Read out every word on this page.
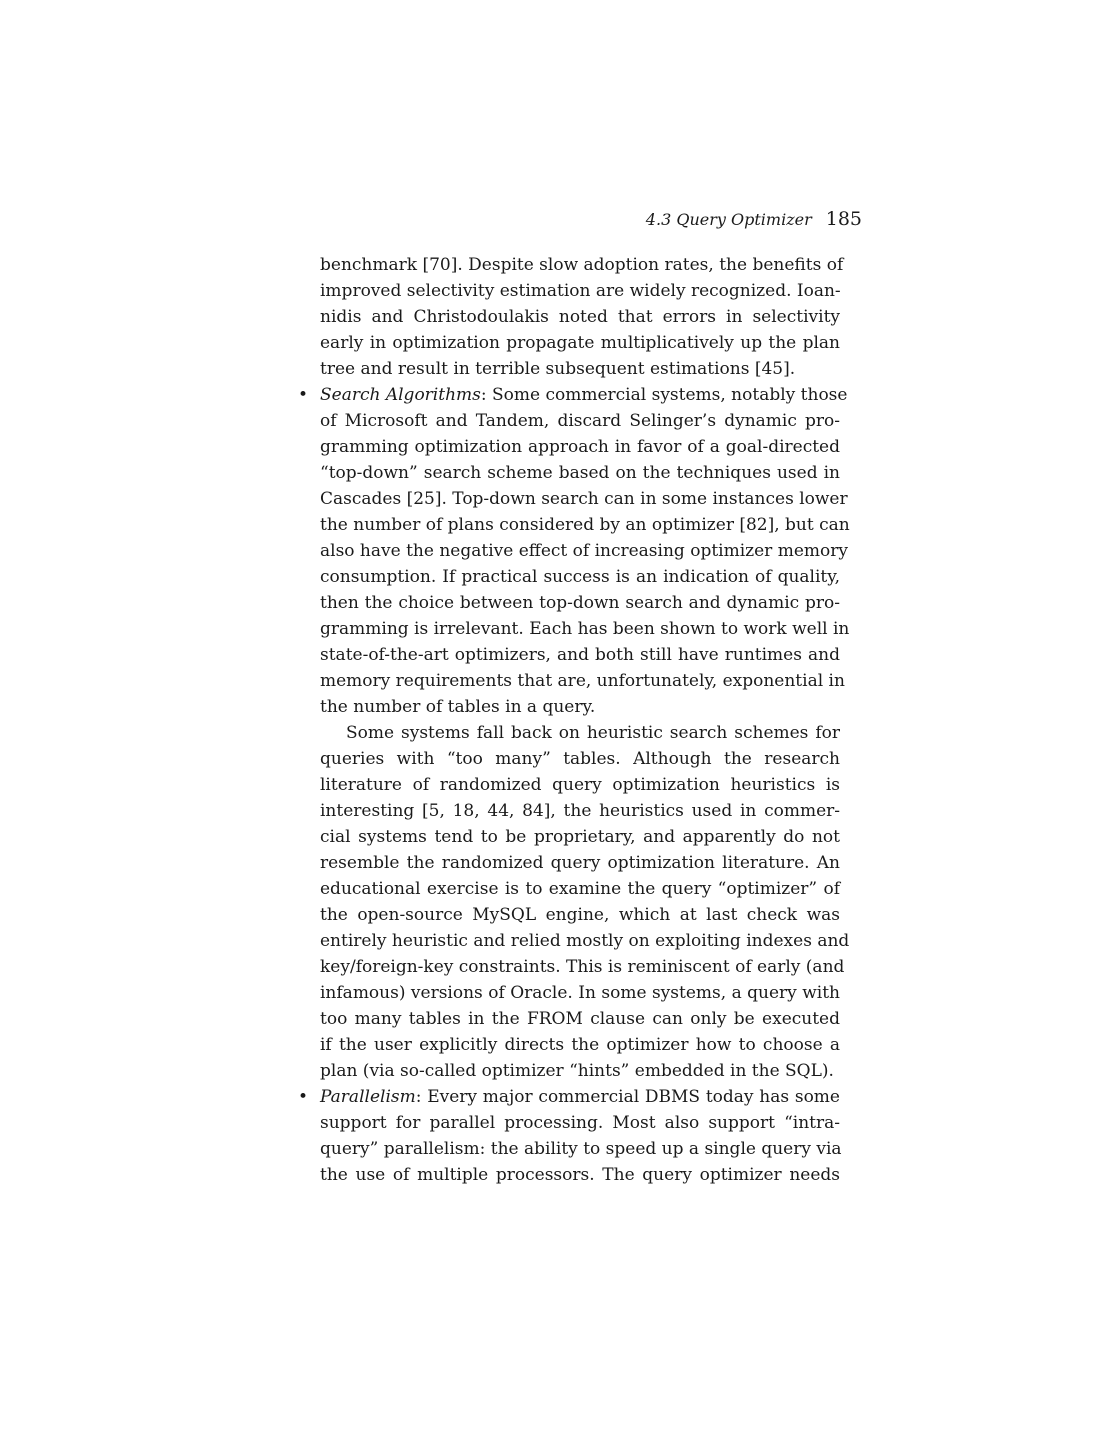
4.3 Query Optimizer 185
benchmark [70]. Despite slow adoption rates, the benefits of
improved selectivity estimation are widely recognized. Ioan-
nidis and Christodoulakis noted that errors in selectivity
early in optimization propagate multiplicatively up the plan
tree and result in terrible subsequent estimations [45].
• Search Algorithms: Some commercial systems, notably those
of Microsoft and Tandem, discard Selinger’s dynamic pro-
gramming optimization approach in favor of a goal-directed
“top-down” search scheme based on the techniques used in
Cascades [25]. Top-down search can in some instances lower
the number of plans considered by an optimizer [82], but can
also have the negative effect of increasing optimizer memory
consumption. If practical success is an indication of quality,
then the choice between top-down search and dynamic pro-
gramming is irrelevant. Each has been shown to work well in
state-of-the-art optimizers, and both still have runtimes and
memory requirements that are, unfortunately, exponential in
the number of tables in a query.
Some systems fall back on heuristic search schemes for
queries with “too many” tables. Although the research
literature of randomized query optimization heuristics is
interesting [5, 18, 44, 84], the heuristics used in commer-
cial systems tend to be proprietary, and apparently do not
resemble the randomized query optimization literature. An
educational exercise is to examine the query “optimizer” of
the open-source MySQL engine, which at last check was
entirely heuristic and relied mostly on exploiting indexes and
key/foreign-key constraints. This is reminiscent of early (and
infamous) versions of Oracle. In some systems, a query with
too many tables in the FROM clause can only be executed
if the user explicitly directs the optimizer how to choose a
plan (via so-called optimizer “hints” embedded in the SQL).
• Parallelism: Every major commercial DBMS today has some
support for parallel processing. Most also support “intra-
query” parallelism: the ability to speed up a single query via
the use of multiple processors. The query optimizer needs
